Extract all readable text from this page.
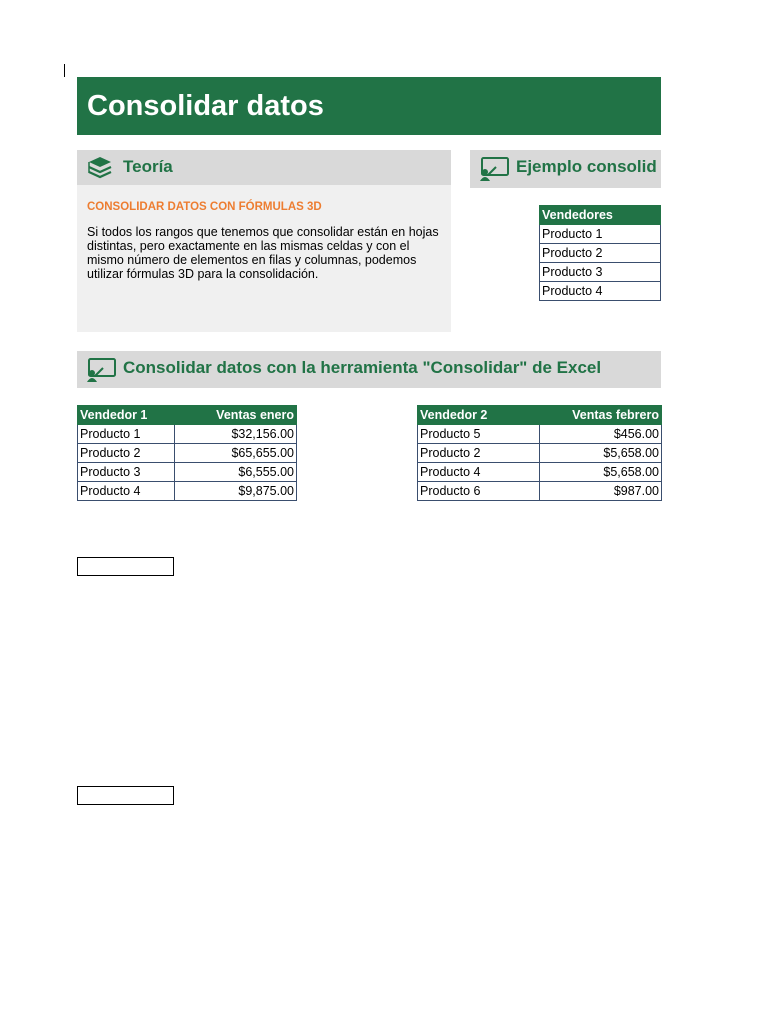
Consolidar datos
Teoría
CONSOLIDAR DATOS CON FÓRMULAS 3D
Si todos los rangos que tenemos que consolidar están en hojas distintas, pero exactamente en las mismas celdas y con el mismo número de elementos en filas y columnas, podemos utilizar fórmulas 3D para la consolidación.
Ejemplo consolid
Vendedores
Producto 1
Producto 2
Producto 3
Producto 4
Consolidar datos con la herramienta "Consolidar" de Excel
Vendedor 1	Ventas enero
Producto 1	$32,156.00
Producto 2	$65,655.00
Producto 3	$6,555.00
Producto 4	$9,875.00
Vendedor 2	Ventas febrero
Producto 5	$456.00
Producto 2	$5,658.00
Producto 4	$5,658.00
Producto 6	$987.00
